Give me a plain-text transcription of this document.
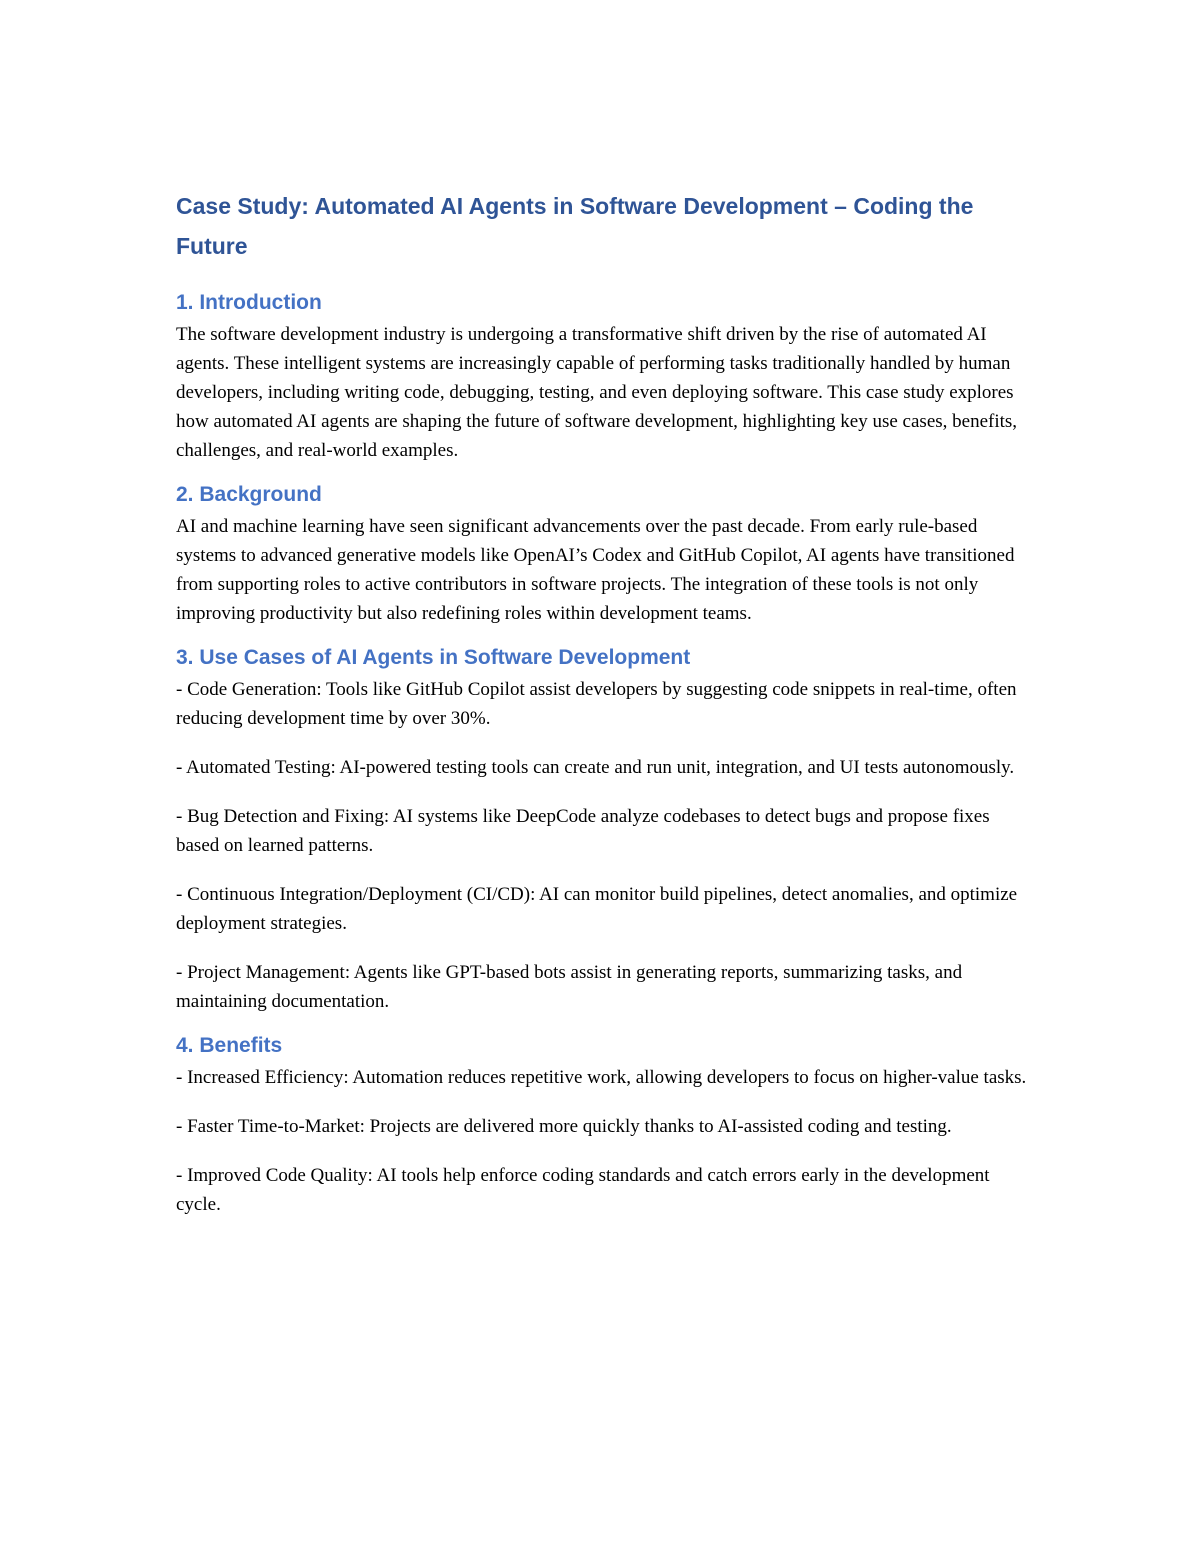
Case Study: Automated AI Agents in Software Development – Coding the Future
1. Introduction

The software development industry is undergoing a transformative shift driven by the rise of automated AI agents. These intelligent systems are increasingly capable of performing tasks traditionally handled by human developers, including writing code, debugging, testing, and even deploying software. This case study explores how automated AI agents are shaping the future of software development, highlighting key use cases, benefits, challenges, and real-world examples.

2. Background

AI and machine learning have seen significant advancements over the past decade. From early rule-based systems to advanced generative models like OpenAI’s Codex and GitHub Copilot, AI agents have transitioned from supporting roles to active contributors in software projects. The integration of these tools is not only improving productivity but also redefining roles within development teams.

3. Use Cases of AI Agents in Software Development

- Code Generation: Tools like GitHub Copilot assist developers by suggesting code snippets in real-time, often reducing development time by over 30%.

- Automated Testing: AI-powered testing tools can create and run unit, integration, and UI tests autonomously.

- Bug Detection and Fixing: AI systems like DeepCode analyze codebases to detect bugs and propose fixes based on learned patterns.

- Continuous Integration/Deployment (CI/CD): AI can monitor build pipelines, detect anomalies, and optimize deployment strategies.

- Project Management: Agents like GPT-based bots assist in generating reports, summarizing tasks, and maintaining documentation.

4. Benefits

- Increased Efficiency: Automation reduces repetitive work, allowing developers to focus on higher-value tasks.

- Faster Time-to-Market: Projects are delivered more quickly thanks to AI-assisted coding and testing.

- Improved Code Quality: AI tools help enforce coding standards and catch errors early in the development cycle.
